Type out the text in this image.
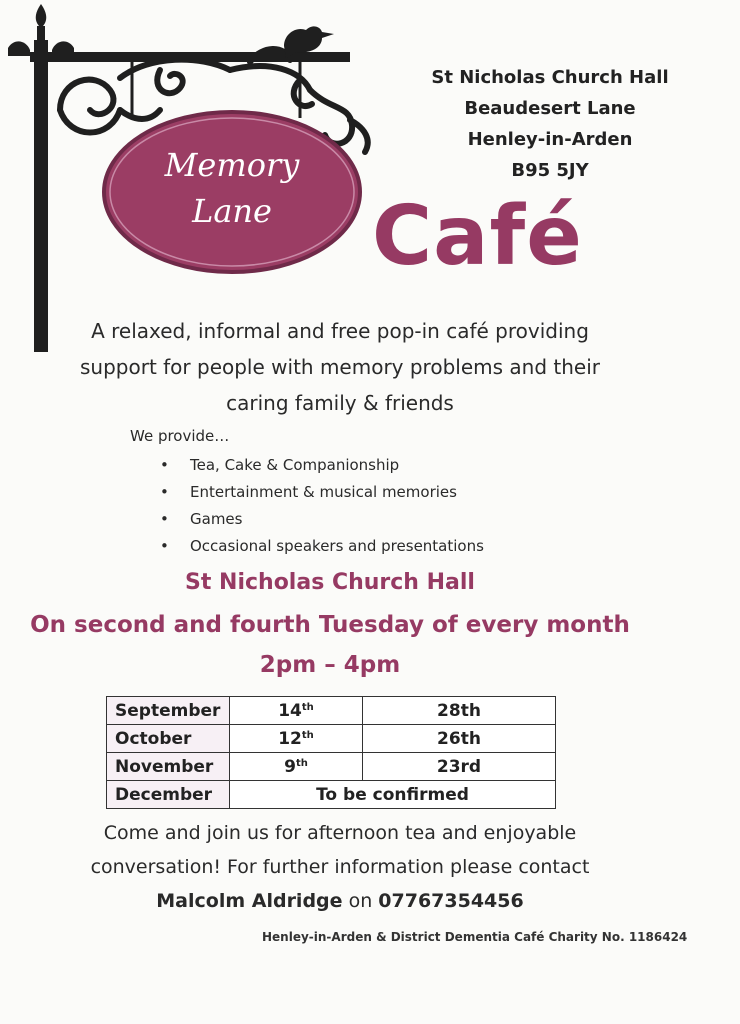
Memory
Lane
St Nicholas Church Hall
Beaudesert Lane
Henley-in-Arden
B95 5JY
Café
A relaxed, informal and free pop-in café providing
support for people with memory problems and their
caring family & friends
We provide…
• Tea, Cake & Companionship
• Entertainment & musical memories
• Games
• Occasional speakers and presentations
St Nicholas Church Hall
On second and fourth Tuesday of every month
2pm – 4pm
September	14th	28th
October	12th	26th
November	9th	23rd
December	To be confirmed	
Come and join us for afternoon tea and enjoyable
conversation! For further information please contact
Malcolm Aldridge on 07767354456
Henley-in-Arden & District Dementia Café Charity No. 1186424
